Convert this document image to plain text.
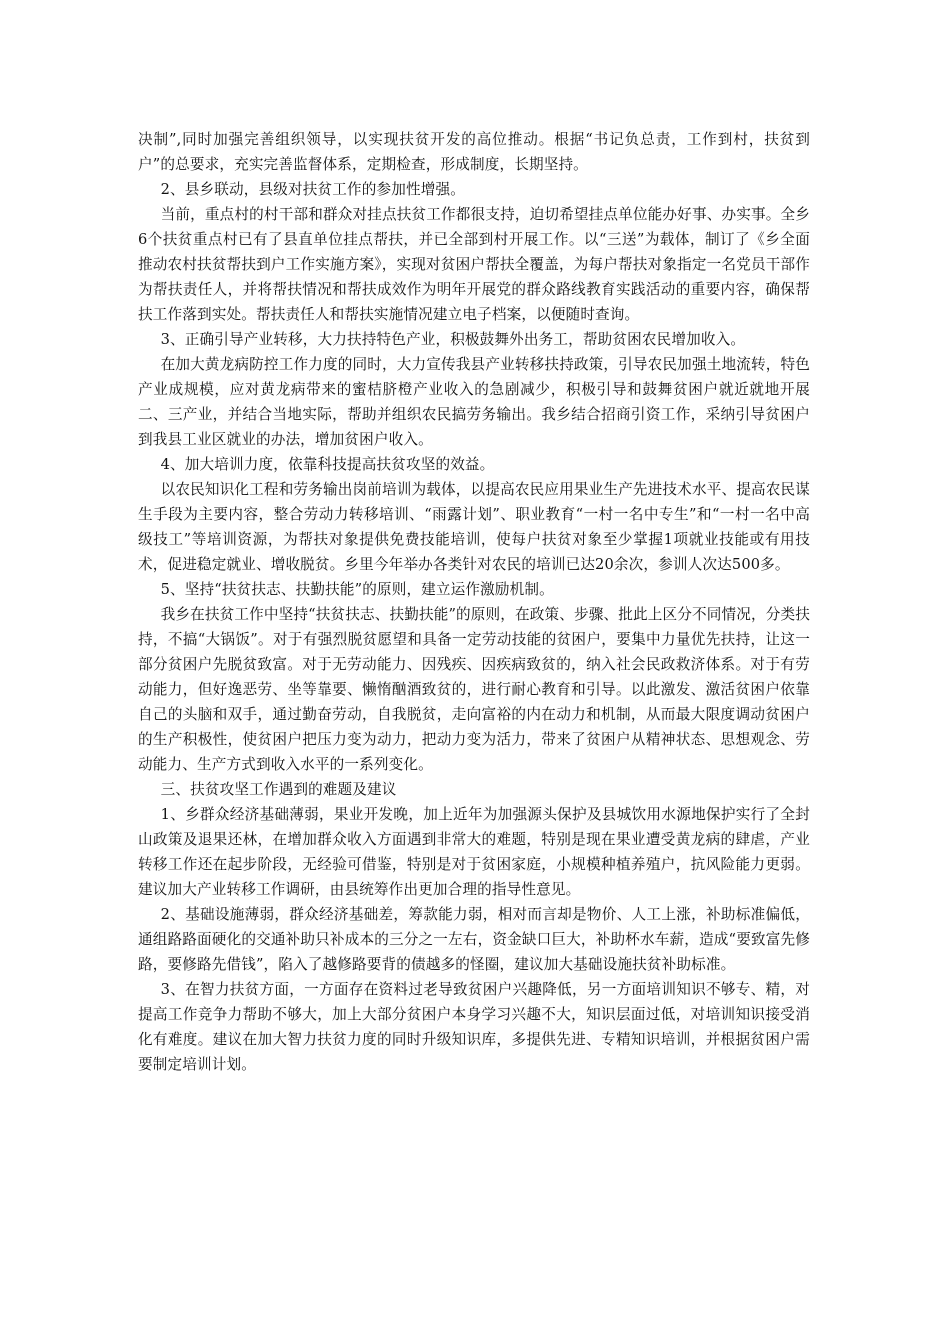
决制”,同时加强完善组织领导，以实现扶贫开发的高位推动。根据“书记负总责，工作到村，扶贫到户”的总要求，充实完善监督体系，定期检查，形成制度，长期坚持。

2、县乡联动，县级对扶贫工作的参加性增强。

当前，重点村的村干部和群众对挂点扶贫工作都很支持，迫切希望挂点单位能办好事、办实事。全乡6个扶贫重点村已有了县直单位挂点帮扶，并已全部到村开展工作。以“三送”为载体，制订了《乡全面推动农村扶贫帮扶到户工作实施方案》，实现对贫困户帮扶全覆盖，为每户帮扶对象指定一名党员干部作为帮扶责任人，并将帮扶情况和帮扶成效作为明年开展党的群众路线教育实践活动的重要内容，确保帮扶工作落到实处。帮扶责任人和帮扶实施情况建立电子档案，以便随时查询。

3、正确引导产业转移，大力扶持特色产业，积极鼓舞外出务工，帮助贫困农民增加收入。

在加大黄龙病防控工作力度的同时，大力宣传我县产业转移扶持政策，引导农民加强土地流转，特色产业成规模，应对黄龙病带来的蜜桔脐橙产业收入的急剧减少，积极引导和鼓舞贫困户就近就地开展二、三产业，并结合当地实际，帮助并组织农民搞劳务输出。我乡结合招商引资工作，采纳引导贫困户到我县工业区就业的办法，增加贫困户收入。

4、加大培训力度，依靠科技提高扶贫攻坚的效益。

以农民知识化工程和劳务输出岗前培训为载体，以提高农民应用果业生产先进技术水平、提高农民谋生手段为主要内容，整合劳动力转移培训、“雨露计划”、职业教育“一村一名中专生”和“一村一名中高级技工”等培训资源，为帮扶对象提供免费技能培训，使每户扶贫对象至少掌握1项就业技能或有用技术，促进稳定就业、增收脱贫。乡里今年举办各类针对农民的培训已达20余次，参训人次达500多。

5、坚持“扶贫扶志、扶勤扶能”的原则，建立运作激励机制。

我乡在扶贫工作中坚持“扶贫扶志、扶勤扶能”的原则，在政策、步骤、批此上区分不同情况，分类扶持，不搞“大锅饭”。对于有强烈脱贫愿望和具备一定劳动技能的贫困户，要集中力量优先扶持，让这一部分贫困户先脱贫致富。对于无劳动能力、因残疾、因疾病致贫的，纳入社会民政救济体系。对于有劳动能力，但好逸恶劳、坐等靠要、懒惰酗酒致贫的，进行耐心教育和引导。以此激发、激活贫困户依靠自己的头脑和双手，通过勤奋劳动，自我脱贫，走向富裕的内在动力和机制，从而最大限度调动贫困户的生产积极性，使贫困户把压力变为动力，把动力变为活力，带来了贫困户从精神状态、思想观念、劳动能力、生产方式到收入水平的一系列变化。

三、扶贫攻坚工作遇到的难题及建议

1、乡群众经济基础薄弱，果业开发晚，加上近年为加强源头保护及县城饮用水源地保护实行了全封山政策及退果还林，在增加群众收入方面遇到非常大的难题，特别是现在果业遭受黄龙病的肆虐，产业转移工作还在起步阶段，无经验可借鉴，特别是对于贫困家庭，小规模种植养殖户，抗风险能力更弱。建议加大产业转移工作调研，由县统筹作出更加合理的指导性意见。

2、基础设施薄弱，群众经济基础差，筹款能力弱，相对而言却是物价、人工上涨，补助标准偏低，通组路路面硬化的交通补助只补成本的三分之一左右，资金缺口巨大，补助杯水车薪，造成“要致富先修路，要修路先借钱”，陷入了越修路要背的债越多的怪圈，建议加大基础设施扶贫补助标准。

3、在智力扶贫方面，一方面存在资料过老导致贫困户兴趣降低，另一方面培训知识不够专、精，对提高工作竞争力帮助不够大，加上大部分贫困户本身学习兴趣不大，知识层面过低，对培训知识接受消化有难度。建议在加大智力扶贫力度的同时升级知识库，多提供先进、专精知识培训，并根据贫困户需要制定培训计划。
